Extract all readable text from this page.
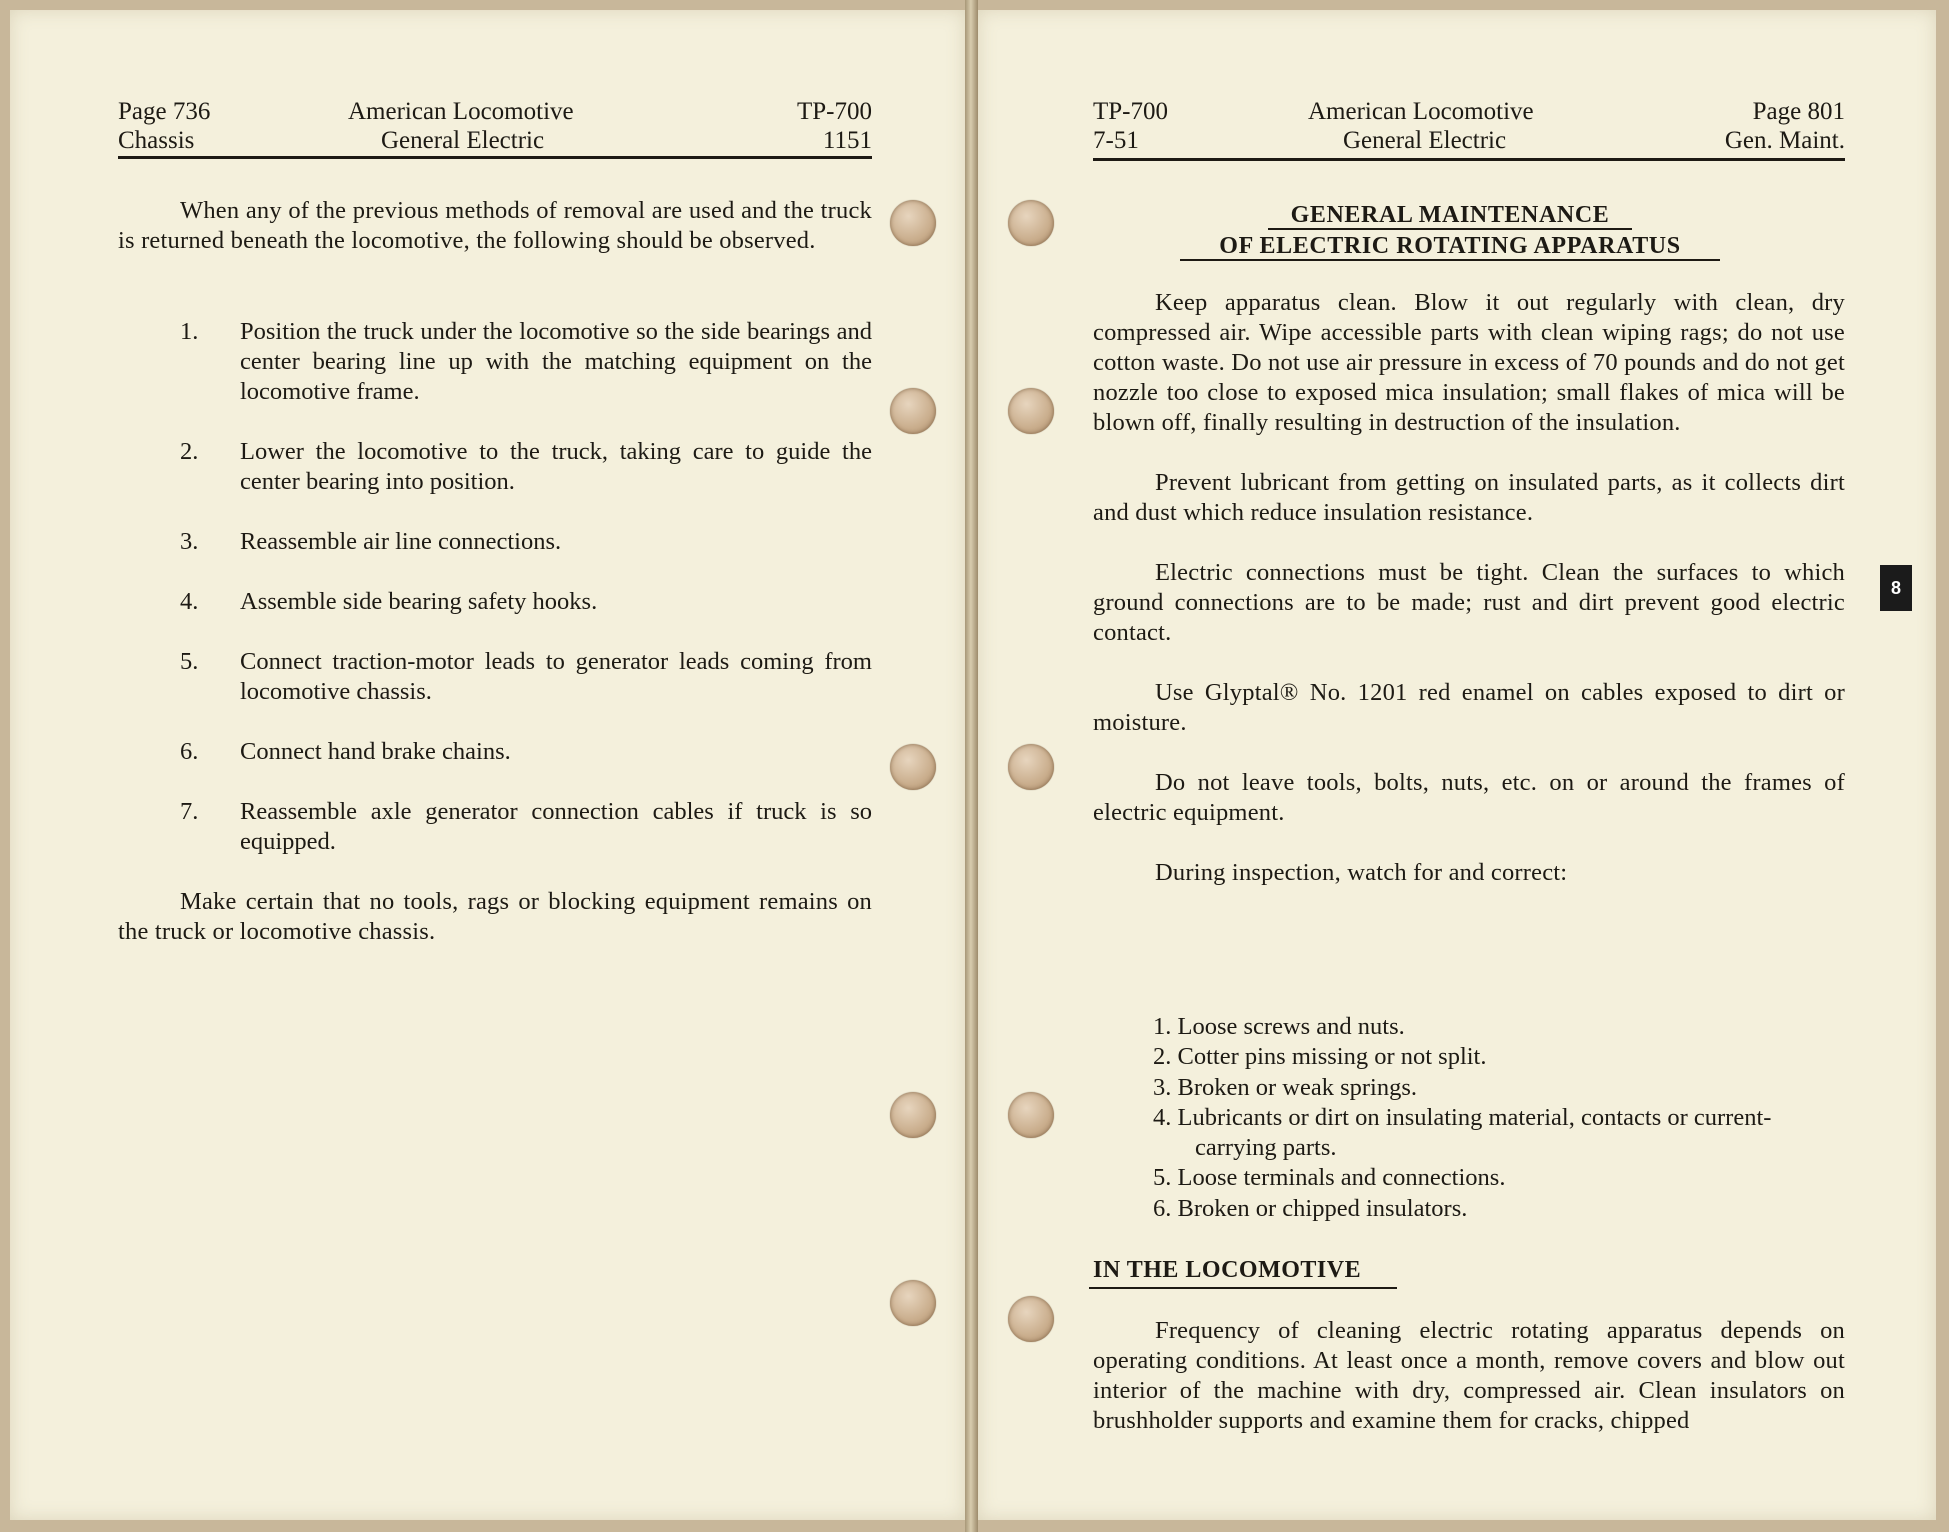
Page 736
Chassis
American Locomotive
General Electric
TP-700
1151

When any of the previous methods of removal are used and the truck is returned beneath the locomotive, the following should be observed.

1. Position the truck under the locomotive so the side bearings and center bearing line up with the matching equipment on the locomotive frame.
2. Lower the locomotive to the truck, taking care to guide the center bearing into position.
3. Reassemble air line connections.
4. Assemble side bearing safety hooks.
5. Connect traction-motor leads to generator leads coming from locomotive chassis.
6. Connect hand brake chains.
7. Reassemble axle generator connection cables if truck is so equipped.

Make certain that no tools, rags or blocking equipment remains on the truck or locomotive chassis.

TP-700
7-51
American Locomotive
General Electric
Page 801
Gen. Maint.
GENERAL MAINTENANCE
OF ELECTRIC ROTATING APPARATUS

Keep apparatus clean. Blow it out regularly with clean, dry compressed air. Wipe accessible parts with clean wiping rags; do not use cotton waste. Do not use air pressure in excess of 70 pounds and do not get nozzle too close to exposed mica insulation; small flakes of mica will be blown off, finally resulting in destruction of the insulation.

Prevent lubricant from getting on insulated parts, as it collects dirt and dust which reduce insulation resistance.

Electric connections must be tight. Clean the surfaces to which ground connections are to be made; rust and dirt prevent good electric contact.

Use Glyptal® No. 1201 red enamel on cables exposed to dirt or moisture.

Do not leave tools, bolts, nuts, etc. on or around the frames of electric equipment.

During inspection, watch for and correct:

1. Loose screws and nuts.
2. Cotter pins missing or not split.
3. Broken or weak springs.
4. Lubricants or dirt on insulating material, contacts or current-carrying parts.
5. Loose terminals and connections.
6. Broken or chipped insulators.
IN THE LOCOMOTIVE

Frequency of cleaning electric rotating apparatus depends on operating conditions. At least once a month, remove covers and blow out interior of the machine with dry, compressed air. Clean insulators on brushholder supports and examine them for cracks, chipped

8
